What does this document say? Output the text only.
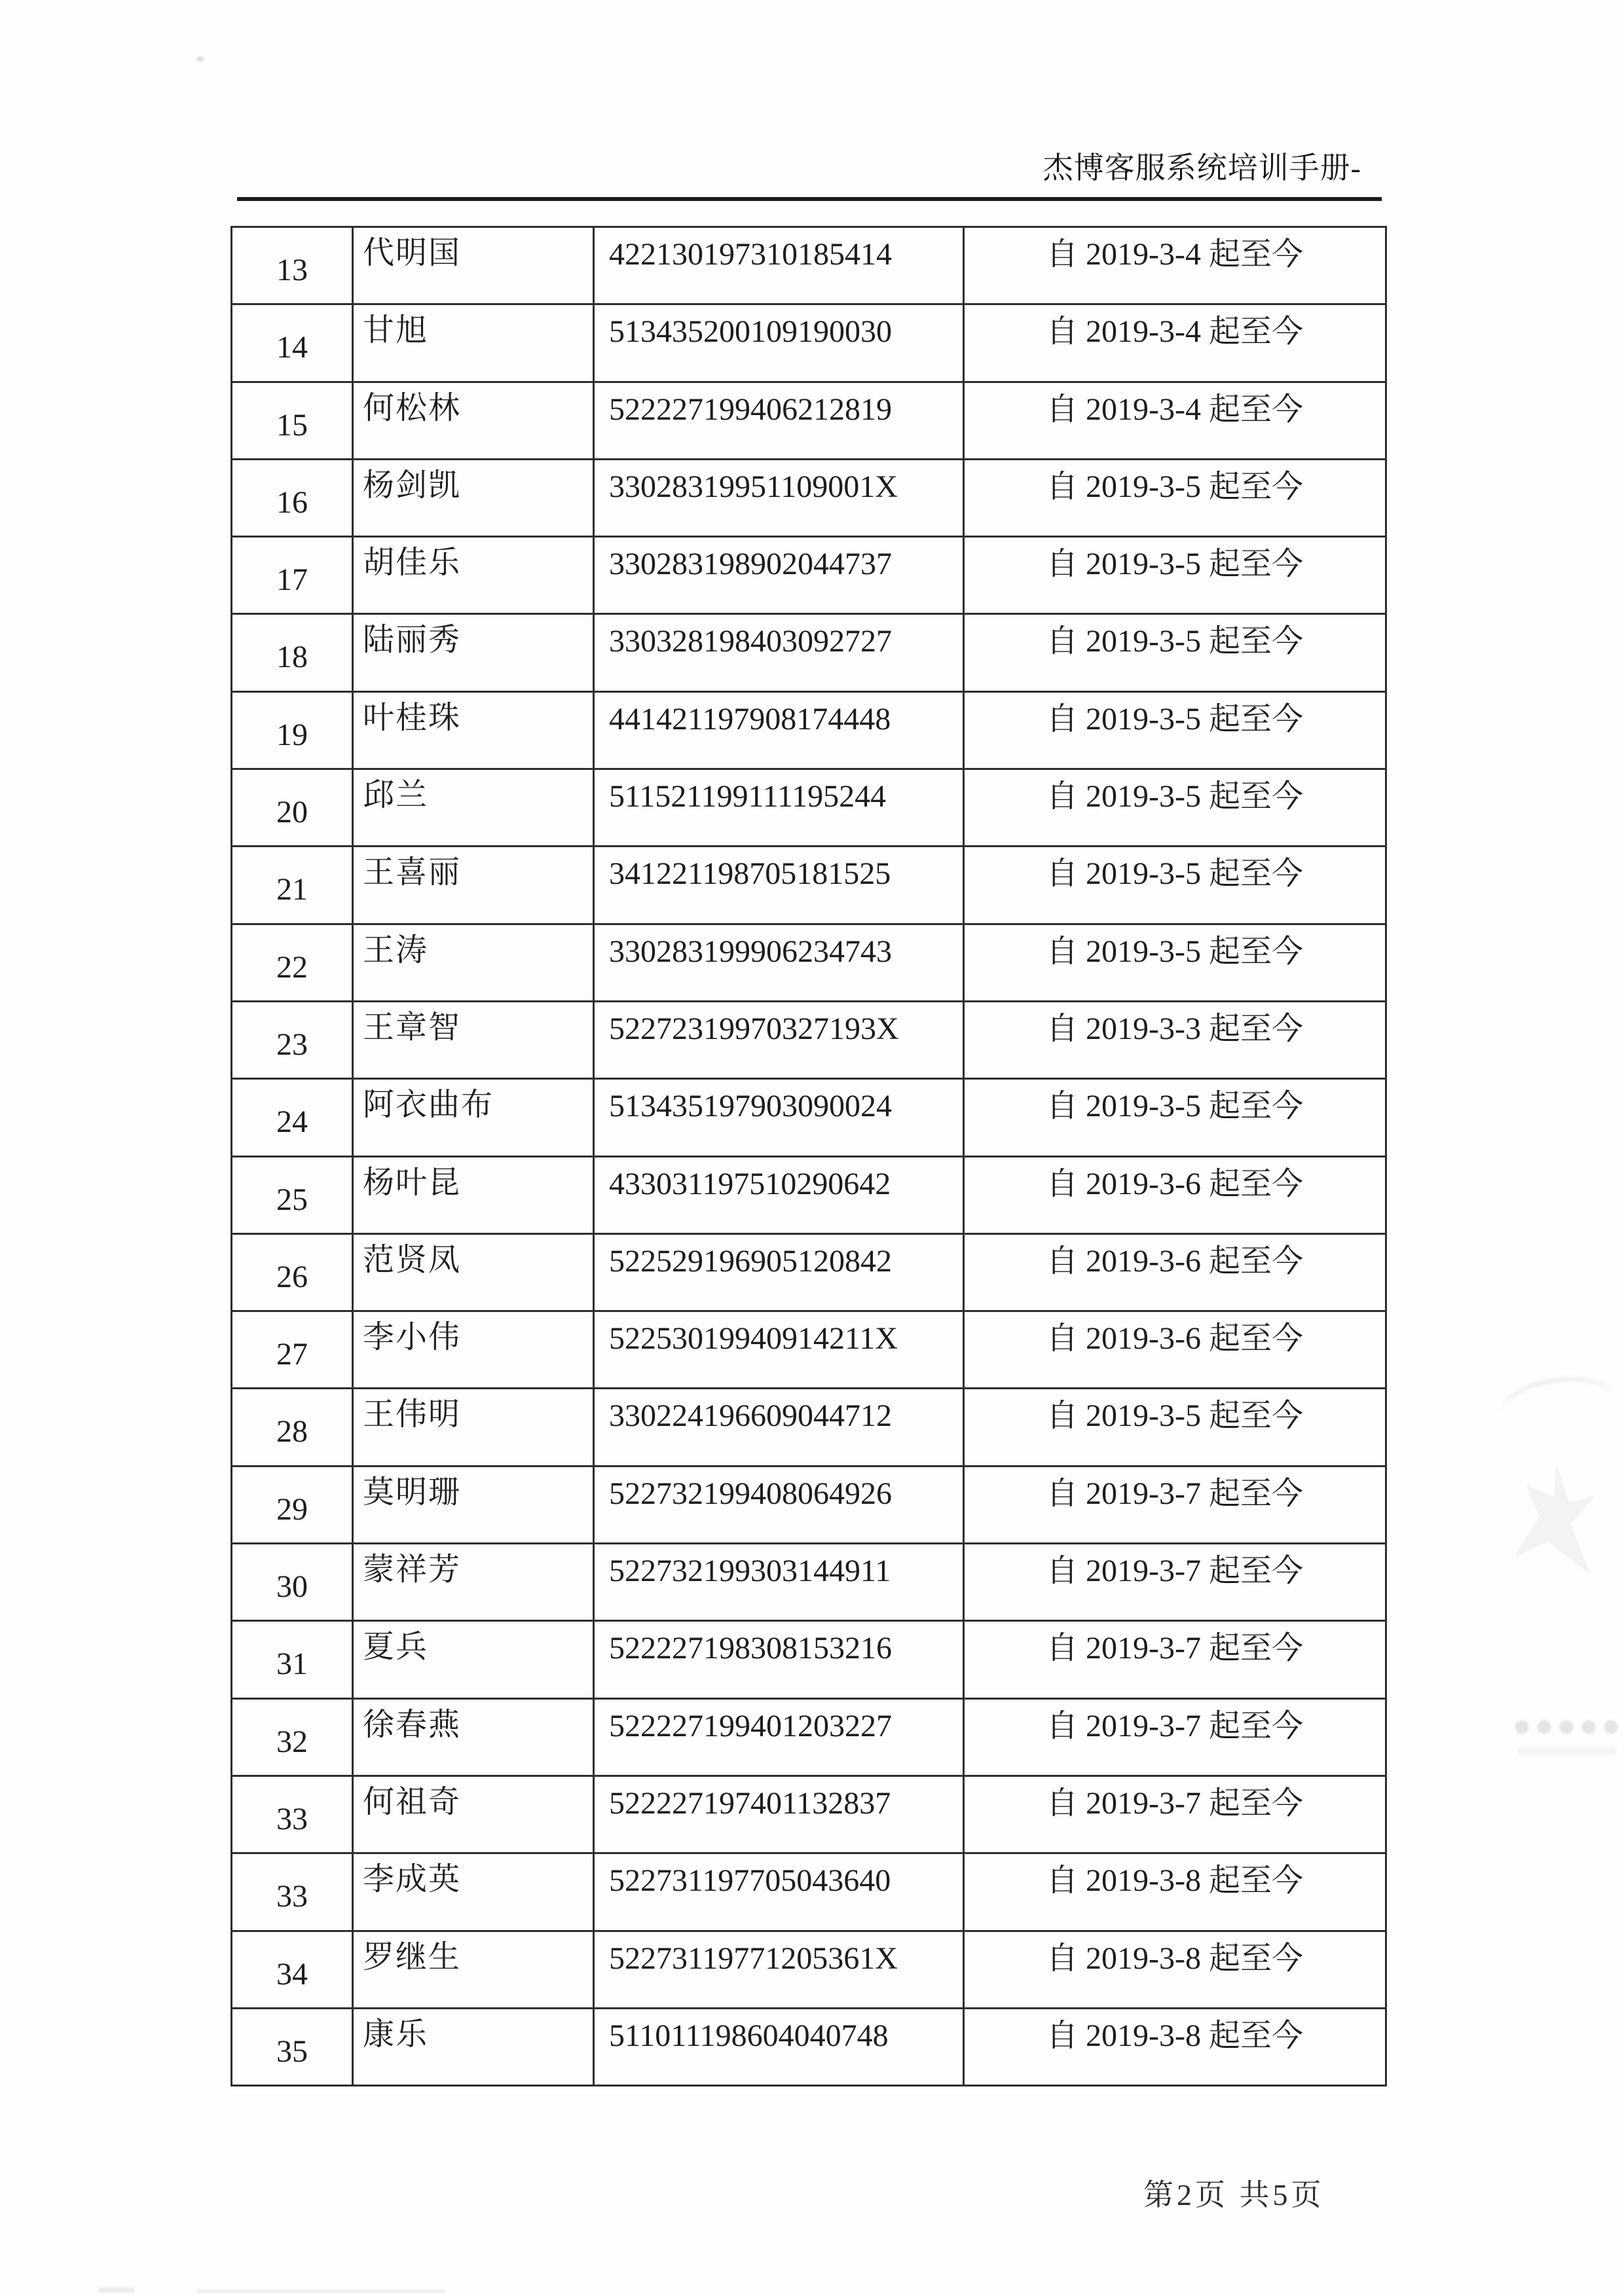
杰博客服系统培训手册-
13	代明国	422130197310185414	自 2019-3-4 起至今
14	甘旭	513435200109190030	自 2019-3-4 起至今
15	何松林	522227199406212819	自 2019-3-4 起至今
16	杨剑凯	33028319951109001X	自 2019-3-5 起至今
17	胡佳乐	330283198902044737	自 2019-3-5 起至今
18	陆丽秀	330328198403092727	自 2019-3-5 起至今
19	叶桂珠	441421197908174448	自 2019-3-5 起至今
20	邱兰	511521199111195244	自 2019-3-5 起至今
21	王喜丽	341221198705181525	自 2019-3-5 起至今
22	王涛	330283199906234743	自 2019-3-5 起至今
23	王章智	52272319970327193X	自 2019-3-3 起至今
24	阿衣曲布	513435197903090024	自 2019-3-5 起至今
25	杨叶昆	433031197510290642	自 2019-3-6 起至今
26	范贤凤	522529196905120842	自 2019-3-6 起至今
27	李小伟	52253019940914211X	自 2019-3-6 起至今
28	王伟明	330224196609044712	自 2019-3-5 起至今
29	莫明珊	522732199408064926	自 2019-3-7 起至今
30	蒙祥芳	522732199303144911	自 2019-3-7 起至今
31	夏兵	522227198308153216	自 2019-3-7 起至今
32	徐春燕	522227199401203227	自 2019-3-7 起至今
33	何祖奇	522227197401132837	自 2019-3-7 起至今
33	李成英	522731197705043640	自 2019-3-8 起至今
34	罗继生	52273119771205361X	自 2019-3-8 起至今
35	康乐	511011198604040748	自 2019-3-8 起至今
第2页 共5页
